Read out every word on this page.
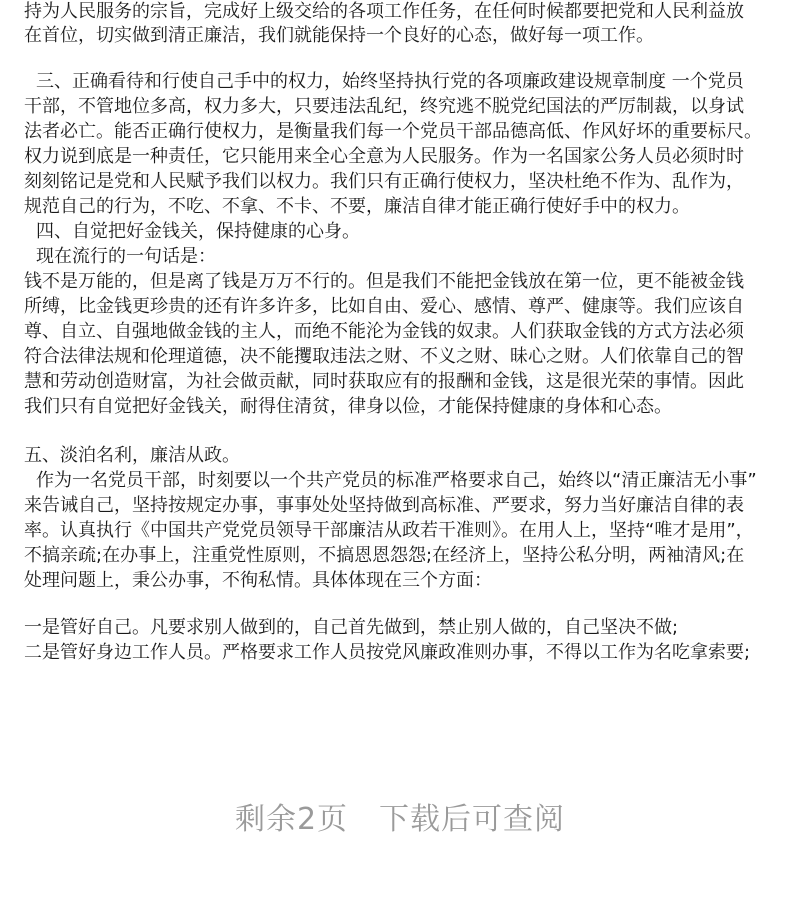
持为人民服务的宗旨，完成好上级交给的各项工作任务，在任何时候都要把党和人民利益放
在首位，切实做到清正廉洁，我们就能保持一个良好的心态，做好每一项工作。
三、正确看待和行使自己手中的权力，始终坚持执行党的各项廉政建设规章制度 一个党员
干部，不管地位多高，权力多大，只要违法乱纪，终究逃不脱党纪国法的严厉制裁，以身试
法者必亡。能否正确行使权力，是衡量我们每一个党员干部品德高低、作风好坏的重要标尺。
权力说到底是一种责任，它只能用来全心全意为人民服务。作为一名国家公务人员必须时时
刻刻铭记是党和人民赋予我们以权力。我们只有正确行使权力，坚决杜绝不作为、乱作为，
规范自己的行为，不吃、不拿、不卡、不要，廉洁自律才能正确行使好手中的权力。
四、自觉把好金钱关，保持健康的心身。
现在流行的一句话是：
钱不是万能的，但是离了钱是万万不行的。但是我们不能把金钱放在第一位，更不能被金钱
所缚，比金钱更珍贵的还有许多许多，比如自由、爱心、感情、尊严、健康等。我们应该自
尊、自立、自强地做金钱的主人，而绝不能沦为金钱的奴隶。人们获取金钱的方式方法必须
符合法律法规和伦理道德，决不能攫取违法之财、不义之财、昧心之财。人们依靠自己的智
慧和劳动创造财富，为社会做贡献，同时获取应有的报酬和金钱，这是很光荣的事情。因此
我们只有自觉把好金钱关，耐得住清贫，律身以俭，才能保持健康的身体和心态。
五、淡泊名利，廉洁从政。
作为一名党员干部，时刻要以一个共产党员的标准严格要求自己，始终以“清正廉洁无小事”
来告诫自己，坚持按规定办事，事事处处坚持做到高标准、严要求，努力当好廉洁自律的表
率。认真执行《中国共产党党员领导干部廉洁从政若干准则》。在用人上，坚持“唯才是用”，
不搞亲疏;在办事上，注重党性原则，不搞恩恩怨怨;在经济上，坚持公私分明，两袖清风;在
处理问题上，秉公办事，不徇私情。具体体现在三个方面：
一是管好自己。凡要求别人做到的，自己首先做到，禁止别人做的，自己坚决不做;
二是管好身边工作人员。严格要求工作人员按党风廉政准则办事，不得以工作为名吃拿索要;
剩余2页　下载后可查阅
